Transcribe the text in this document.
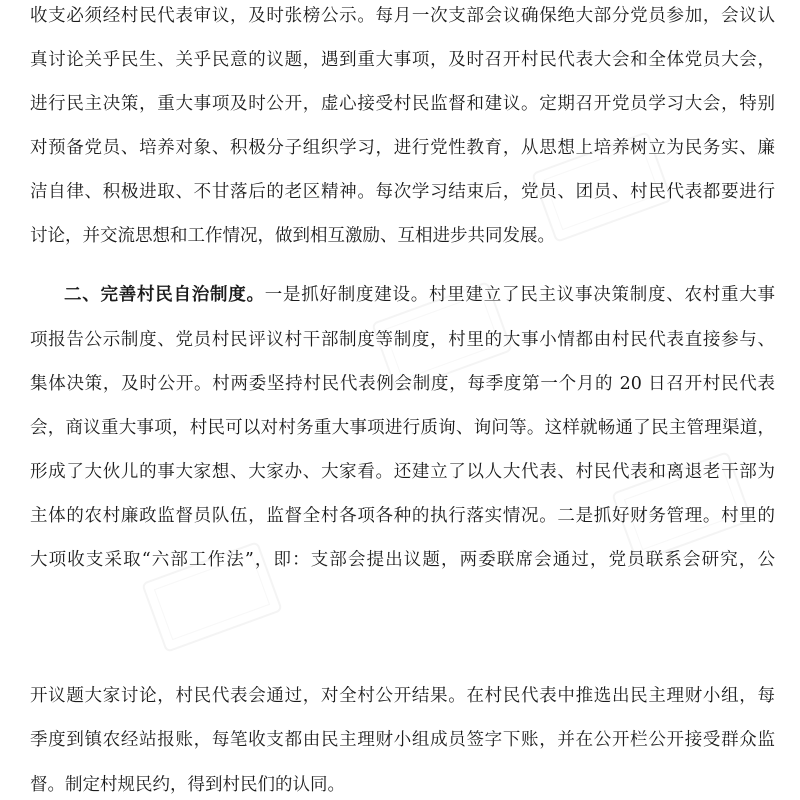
收支必须经村民代表审议，及时张榜公示。每月一次支部会议确保绝大部分党员参加，会议认
真讨论关乎民生、关乎民意的议题，遇到重大事项，及时召开村民代表大会和全体党员大会，
进行民主决策，重大事项及时公开，虚心接受村民监督和建议。定期召开党员学习大会，特别
对预备党员、培养对象、积极分子组织学习，进行党性教育，从思想上培养树立为民务实、廉
洁自律、积极进取、不甘落后的老区精神。每次学习结束后，党员、团员、村民代表都要进行
讨论，并交流思想和工作情况，做到相互激励、互相进步共同发展。
二、完善村民自治制度。一是抓好制度建设。村里建立了民主议事决策制度、农村重大事
项报告公示制度、党员村民评议村干部制度等制度，村里的大事小情都由村民代表直接参与、
集体决策，及时公开。村两委坚持村民代表例会制度，每季度第一个月的 20 日召开村民代表
会，商议重大事项，村民可以对村务重大事项进行质询、询问等。这样就畅通了民主管理渠道，
形成了大伙儿的事大家想、大家办、大家看。还建立了以人大代表、村民代表和离退老干部为
主体的农村廉政监督员队伍，监督全村各项各种的执行落实情况。二是抓好财务管理。村里的
大项收支采取“六部工作法”，即：支部会提出议题，两委联席会通过，党员联系会研究，公
开议题大家讨论，村民代表会通过，对全村公开结果。在村民代表中推选出民主理财小组，每
季度到镇农经站报账，每笔收支都由民主理财小组成员签字下账，并在公开栏公开接受群众监
督。制定村规民约，得到村民们的认同。
